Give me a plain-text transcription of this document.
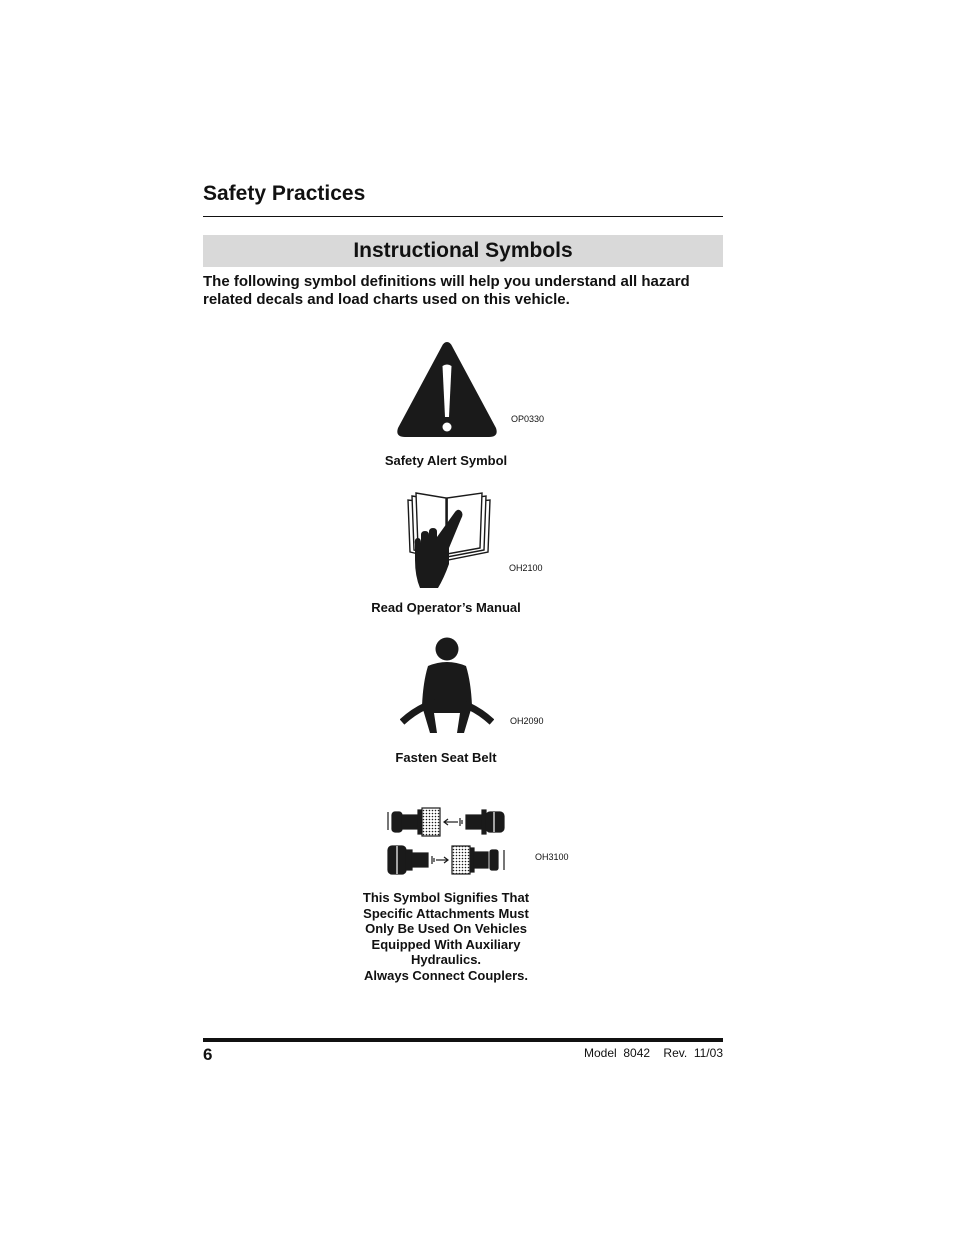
Safety Practices
Instructional Symbols

The following symbol definitions will help you understand all hazard related decals and load charts used on this vehicle.

OP0330
Safety Alert Symbol
OH2100
Read Operator’s Manual
OH2090
Fasten Seat Belt
OH3100
This Symbol Signifies That
Specific Attachments Must
Only Be Used On Vehicles
Equipped With Auxiliary
Hydraulics.
Always Connect Couplers.
6	Model  8042    Rev.  11/03
